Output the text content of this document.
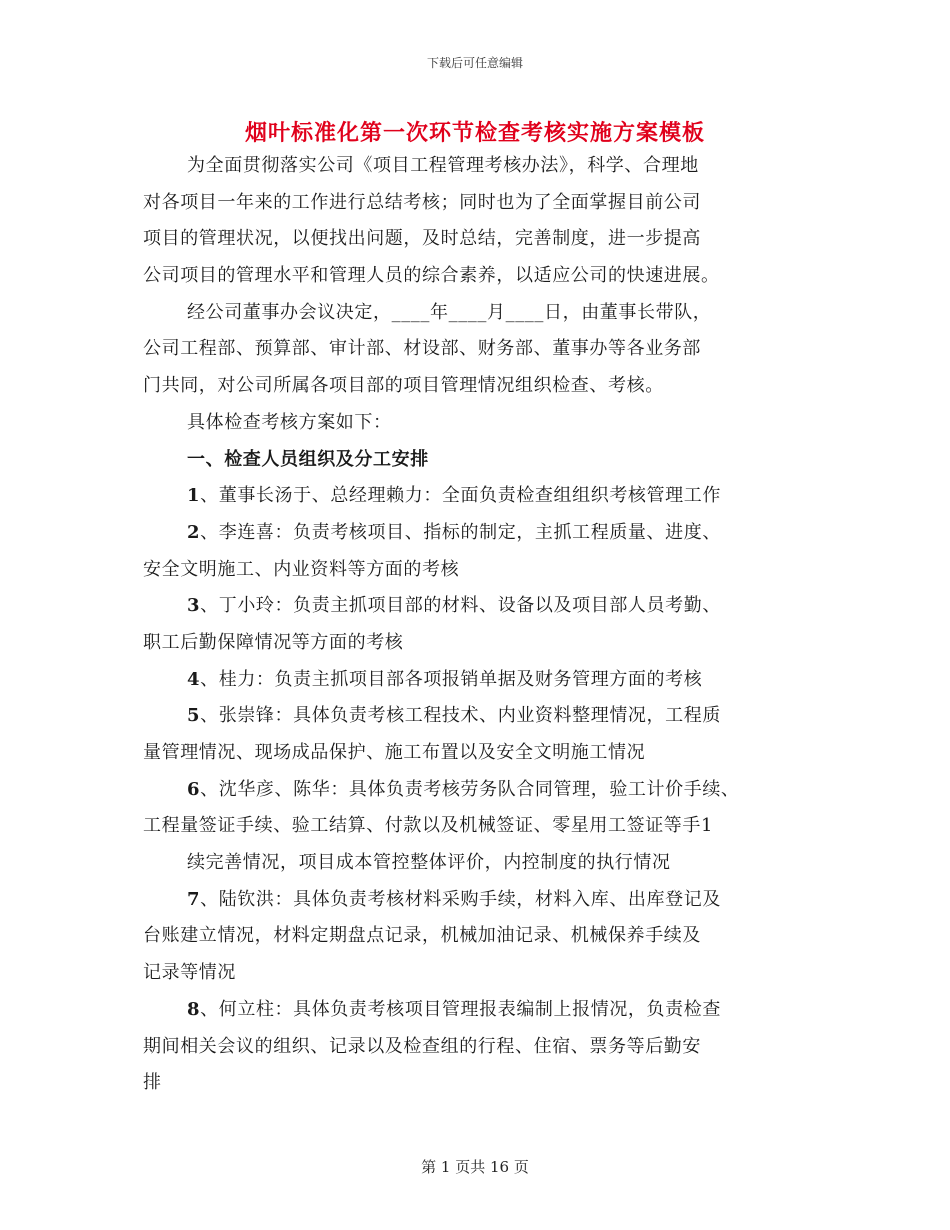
下载后可任意编辑
烟叶标准化第一次环节检查考核实施方案模板
为全面贯彻落实公司《项目工程管理考核办法》，科学、合理地
对各项目一年来的工作进行总结考核；同时也为了全面掌握目前公司
项目的管理状况，以便找出问题，及时总结，完善制度，进一步提高
公司项目的管理水平和管理人员的综合素养，以适应公司的快速进展。
经公司董事办会议决定，____年____月____日，由董事长带队，
公司工程部、预算部、审计部、材设部、财务部、董事办等各业务部
门共同，对公司所属各项目部的项目管理情况组织检查、考核。
具体检查考核方案如下：
一、检查人员组织及分工安排
1、董事长汤于、总经理赖力：全面负责检查组组织考核管理工作
2、李连喜：负责考核项目、指标的制定，主抓工程质量、进度、
安全文明施工、内业资料等方面的考核
3、丁小玲：负责主抓项目部的材料、设备以及项目部人员考勤、
职工后勤保障情况等方面的考核
4、桂力：负责主抓项目部各项报销单据及财务管理方面的考核
5、张崇锋：具体负责考核工程技术、内业资料整理情况，工程质
量管理情况、现场成品保护、施工布置以及安全文明施工情况
6、沈华彦、陈华：具体负责考核劳务队合同管理，验工计价手续、
工程量签证手续、验工结算、付款以及机械签证、零星用工签证等手1
续完善情况，项目成本管控整体评价，内控制度的执行情况
7、陆钦洪：具体负责考核材料采购手续，材料入库、出库登记及
台账建立情况，材料定期盘点记录，机械加油记录、机械保养手续及
记录等情况
8、何立柱：具体负责考核项目管理报表编制上报情况，负责检查
期间相关会议的组织、记录以及检查组的行程、住宿、票务等后勤安
排
第 1 页共 16 页
